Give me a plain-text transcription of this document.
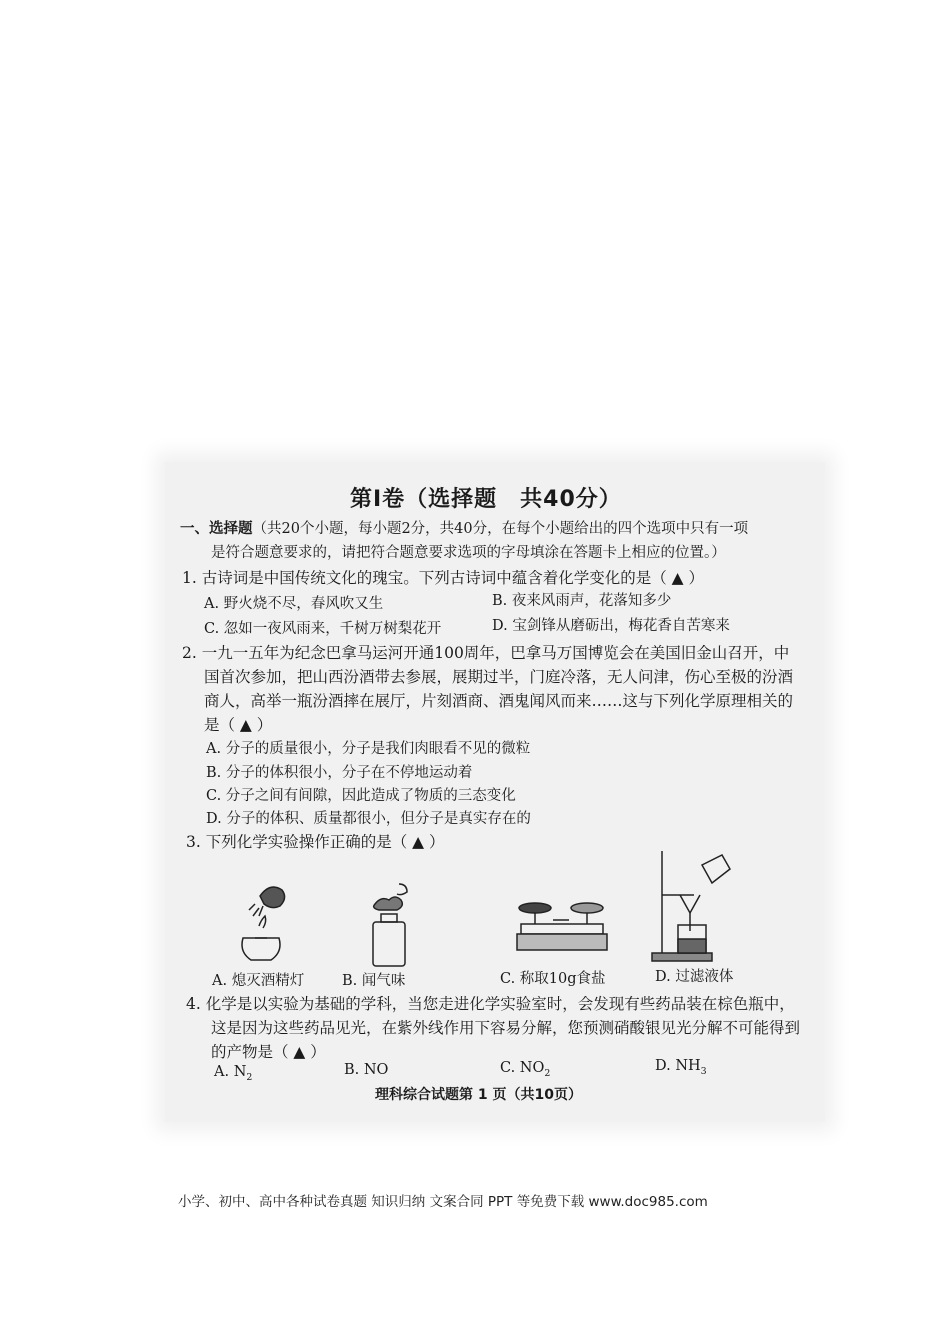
第Ⅰ卷（选择题　共40分）
一、选择题（共20个小题，每小题2分，共40分，在每个小题给出的四个选项中只有一项
是符合题意要求的，请把符合题意要求选项的字母填涂在答题卡上相应的位置。）
1. 古诗词是中国传统文化的瑰宝。下列古诗词中蕴含着化学变化的是（ ▲ ）
A. 野火烧不尽，春风吹又生	B. 夜来风雨声，花落知多少
C. 忽如一夜风雨来，千树万树梨花开	D. 宝剑锋从磨砺出，梅花香自苦寒来
2. 一九一五年为纪念巴拿马运河开通100周年，巴拿马万国博览会在美国旧金山召开，中
国首次参加，把山西汾酒带去参展，展期过半，门庭冷落，无人问津，伤心至极的汾酒
商人，高举一瓶汾酒摔在展厅，片刻酒商、酒鬼闻风而来……这与下列化学原理相关的
是（ ▲ ）
A. 分子的质量很小，分子是我们肉眼看不见的微粒
B. 分子的体积很小，分子在不停地运动着
C. 分子之间有间隙，因此造成了物质的三态变化
D. 分子的体积、质量都很小，但分子是真实存在的
3. 下列化学实验操作正确的是（ ▲ ）
A. 熄灭酒精灯	B. 闻气味	C. 称取10g食盐	D. 过滤液体
4. 化学是以实验为基础的学科，当您走进化学实验室时，会发现有些药品装在棕色瓶中，
这是因为这些药品见光，在紫外线作用下容易分解，您预测硝酸银见光分解不可能得到
的产物是（ ▲ ）
A. $N_2$	B. NO	C. $NO_2$	D. $NH_3$
理科综合试题第 1 页（共10页）
小学、初中、高中各种试卷真题 知识归纳 文案合同 PPT 等免费下载 www.doc985.com
